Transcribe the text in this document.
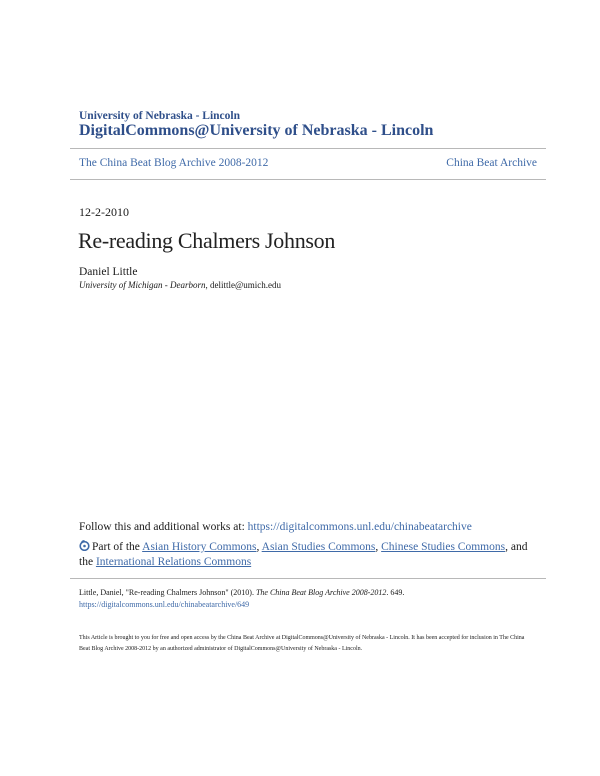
University of Nebraska - Lincoln
DigitalCommons@University of Nebraska - Lincoln
The China Beat Blog Archive 2008-2012	China Beat Archive
12-2-2010
Re-reading Chalmers Johnson
Daniel Little
University of Michigan - Dearborn, delittle@umich.edu
Follow this and additional works at: https://digitalcommons.unl.edu/chinabeatarchive
Part of the Asian History Commons, Asian Studies Commons, Chinese Studies Commons, and
the International Relations Commons
Little, Daniel, "Re-reading Chalmers Johnson" (2010). The China Beat Blog Archive 2008-2012. 649.
https://digitalcommons.unl.edu/chinabeatarchive/649
This Article is brought to you for free and open access by the China Beat Archive at DigitalCommons@University of Nebraska - Lincoln. It has been accepted for inclusion in The China Beat Blog Archive 2008-2012 by an authorized administrator of DigitalCommons@University of Nebraska - Lincoln.
